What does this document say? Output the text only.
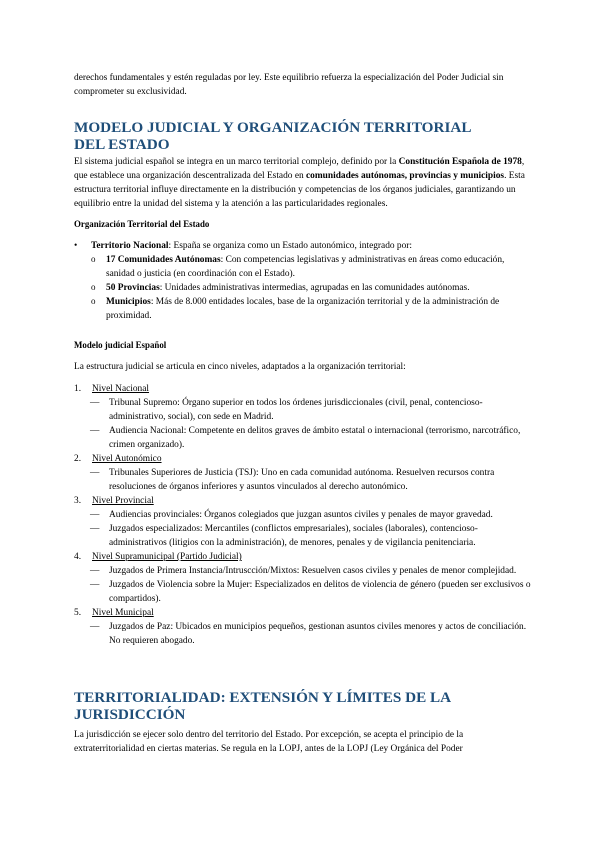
derechos fundamentales y estén reguladas por ley. Este equilibrio refuerza la especialización del Poder Judicial sin comprometer su exclusividad.

MODELO JUDICIAL Y ORGANIZACIÓN TERRITORIAL DEL ESTADO

El sistema judicial español se integra en un marco territorial complejo, definido por la Constitución Española de 1978, que establece una organización descentralizada del Estado en comunidades autónomas, provincias y municipios. Esta estructura territorial influye directamente en la distribución y competencias de los órganos judiciales, garantizando un equilibrio entre la unidad del sistema y la atención a las particularidades regionales.

Organización Territorial del Estado

• Territorio Nacional: España se organiza como un Estado autonómico, integrado por:
o 17 Comunidades Autónomas: Con competencias legislativas y administrativas en áreas como educación, sanidad o justicia (en coordinación con el Estado).
o 50 Provincias: Unidades administrativas intermedias, agrupadas en las comunidades autónomas.
o Municipios: Más de 8.000 entidades locales, base de la organización territorial y de la administración de proximidad.

Modelo judicial Español

La estructura judicial se articula en cinco niveles, adaptados a la organización territorial:

1. Nivel Nacional
— Tribunal Supremo: Órgano superior en todos los órdenes jurisdiccionales (civil, penal, contencioso-administrativo, social), con sede en Madrid.
— Audiencia Nacional: Competente en delitos graves de ámbito estatal o internacional (terrorismo, narcotráfico, crimen organizado).
2. Nivel Autonómico
— Tribunales Superiores de Justicia (TSJ): Uno en cada comunidad autónoma. Resuelven recursos contra resoluciones de órganos inferiores y asuntos vinculados al derecho autonómico.
3. Nivel Provincial
— Audiencias provinciales: Órganos colegiados que juzgan asuntos civiles y penales de mayor gravedad.
— Juzgados especializados: Mercantiles (conflictos empresariales), sociales (laborales), contencioso-administrativos (litigios con la administración), de menores, penales y de vigilancia penitenciaria.
4. Nivel Supramunicipal (Partido Judicial)
— Juzgados de Primera Instancia/Intruscción/Mixtos: Resuelven casos civiles y penales de menor complejidad.
— Juzgados de Violencia sobre la Mujer: Especializados en delitos de violencia de género (pueden ser exclusivos o compartidos).
5. Nivel Municipal
— Juzgados de Paz: Ubicados en municipios pequeños, gestionan asuntos civiles menores y actos de conciliación. No requieren abogado.
TERRITORIALIDAD: EXTENSIÓN Y LÍMITES DE LA JURISDICCIÓN

La jurisdicción se ejecer solo dentro del territorio del Estado. Por excepción, se acepta el principio de la extraterritorialidad en ciertas materias. Se regula en la LOPJ, antes de la LOPJ (Ley Orgánica del Poder
